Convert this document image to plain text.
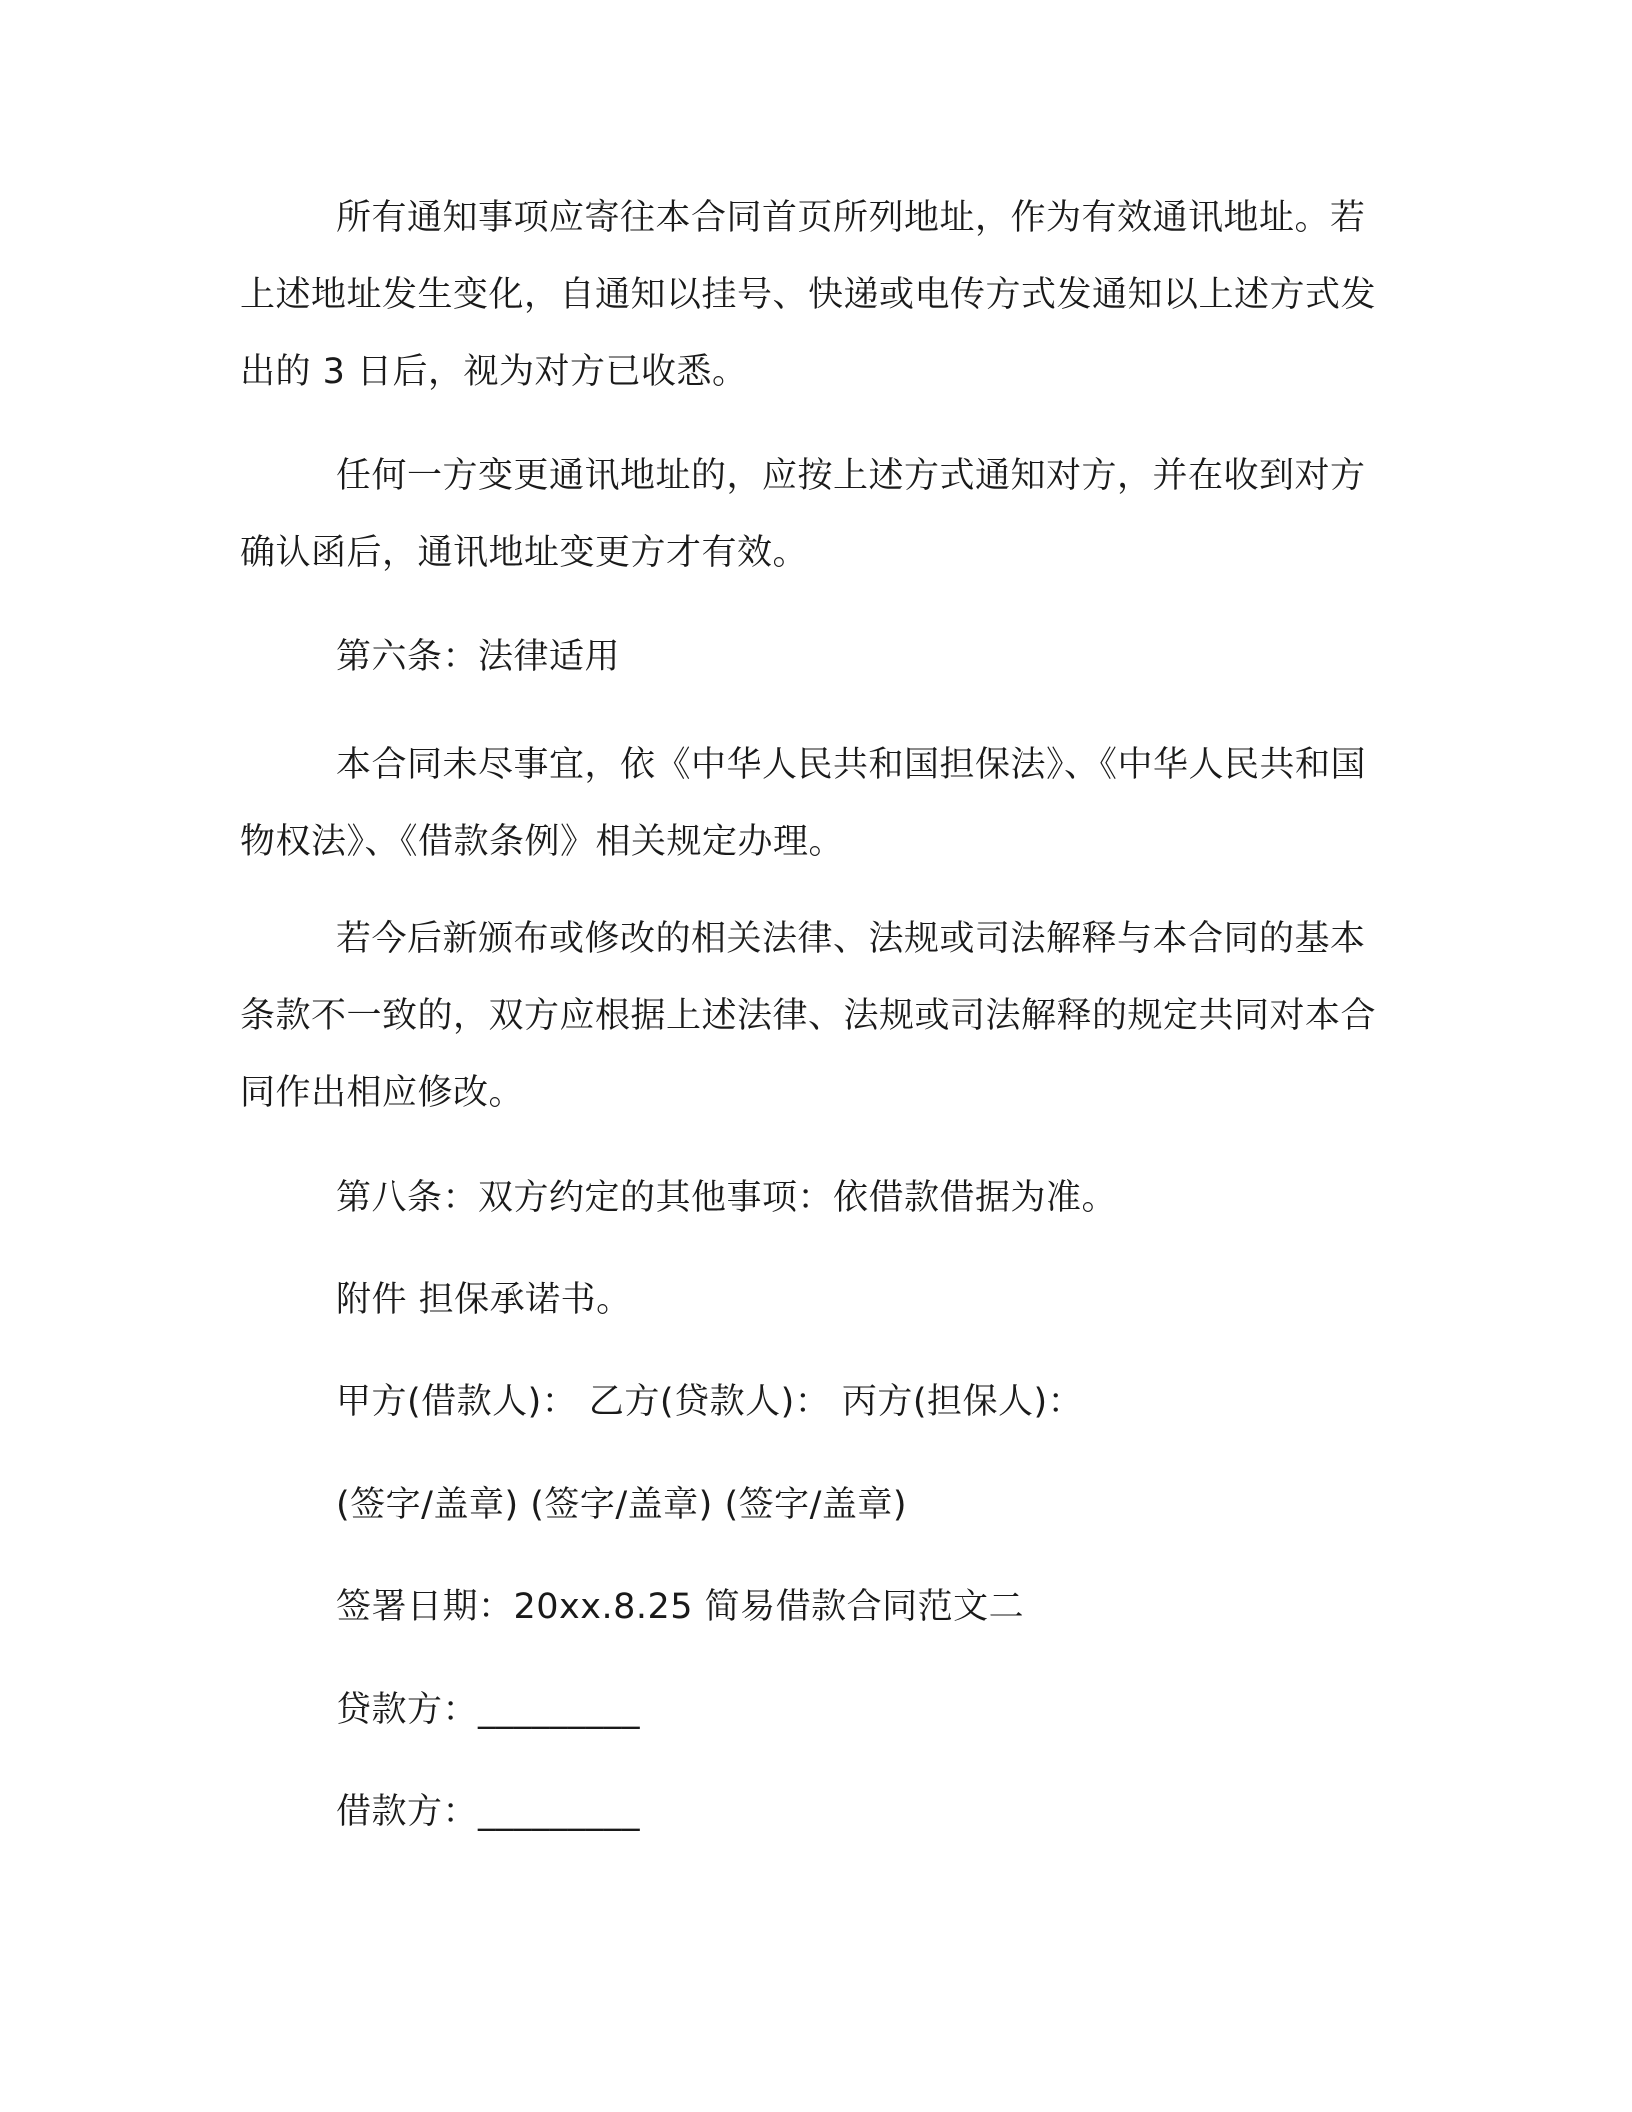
所有通知事项应寄往本合同首页所列地址，作为有效通讯地址。若上述地址发生变化，自通知以挂号、快递或电传方式发通知以上述方式发出的 3 日后，视为对方已收悉。

任何一方变更通讯地址的，应按上述方式通知对方，并在收到对方确认函后，通讯地址变更方才有效。

第六条：法律适用

本合同未尽事宜，依《中华人民共和国担保法》、《中华人民共和国物权法》、《借款条例》相关规定办理。

若今后新颁布或修改的相关法律、法规或司法解释与本合同的基本条款不一致的，双方应根据上述法律、法规或司法解释的规定共同对本合同作出相应修改。

第八条：双方约定的其他事项：依借款借据为准。

附件 担保承诺书。

甲方(借款人)： 乙方(贷款人)： 丙方(担保人)：

(签字/盖章) (签字/盖章) (签字/盖章)

签署日期：20xx.8.25 简易借款合同范文二

贷款方：_________

借款方：_________
